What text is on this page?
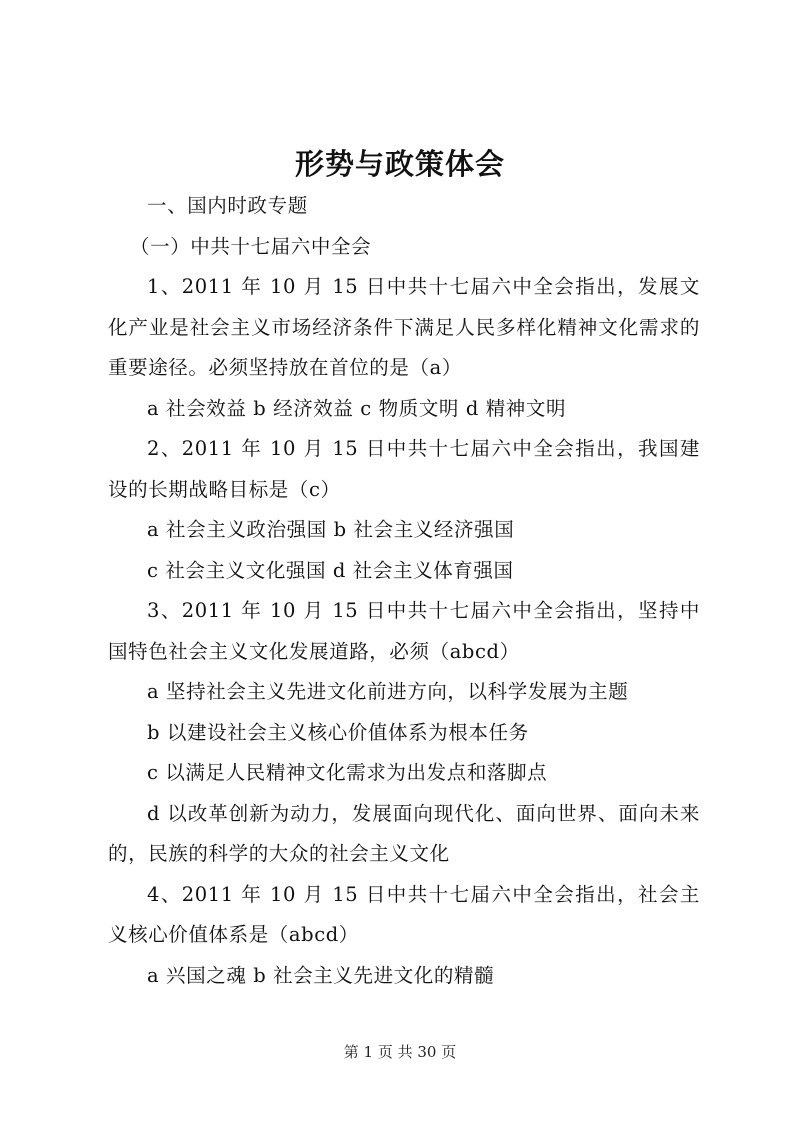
形势与政策体会

一、国内时政专题

（一）中共十七届六中全会

1、2011 年 10 月 15 日中共十七届六中全会指出，发展文化产业是社会主义市场经济条件下满足人民多样化精神文化需求的重要途径。必须坚持放在首位的是（a）

a 社会效益 b 经济效益 c 物质文明 d 精神文明

2、2011 年 10 月 15 日中共十七届六中全会指出，我国建设的长期战略目标是（c）

a 社会主义政治强国 b 社会主义经济强国

c 社会主义文化强国 d 社会主义体育强国

3、2011 年 10 月 15 日中共十七届六中全会指出，坚持中国特色社会主义文化发展道路，必须（abcd）

a 坚持社会主义先进文化前进方向，以科学发展为主题

b 以建设社会主义核心价值体系为根本任务

c 以满足人民精神文化需求为出发点和落脚点

d 以改革创新为动力，发展面向现代化、面向世界、面向未来的，民族的科学的大众的社会主义文化

4、2011 年 10 月 15 日中共十七届六中全会指出，社会主义核心价值体系是（abcd）

a 兴国之魂 b 社会主义先进文化的精髓

第 1 页 共 30 页
